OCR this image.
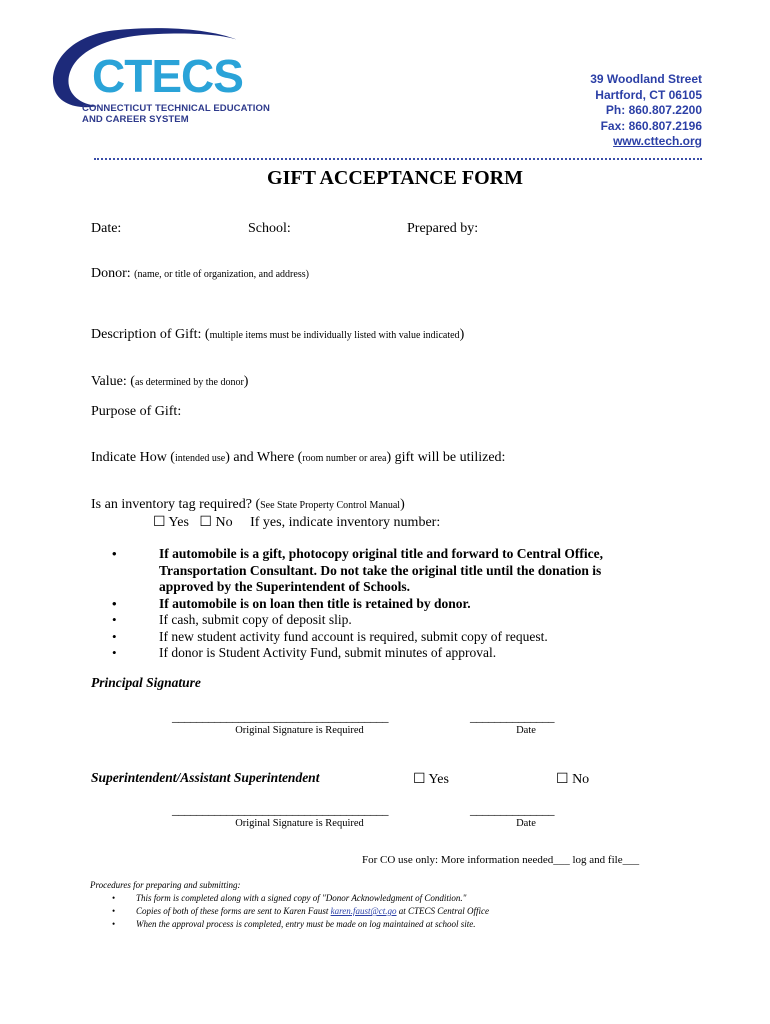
CTECS
CONNECTICUT TECHNICAL EDUCATION
AND CAREER SYSTEM
39 Woodland Street
Hartford, CT 06105
Ph: 860.807.2200
Fax: 860.807.2196
www.cttech.org
GIFT ACCEPTANCE FORM
Date:	School:	Prepared by:
Donor: (name, or title of organization, and address)
Description of Gift: (multiple items must be individually listed with value indicated)
Value: (as determined by the donor)
Purpose of Gift:
Indicate How (intended use) and Where (room number or area) gift will be utilized:
Is an inventory tag required? (See State Property Control Manual)
☐ Yes ☐ No If yes, indicate inventory number:
• If automobile is a gift, photocopy original title and forward to Central Office, Transportation Consultant. Do not take the original title until the donation is approved by the Superintendent of Schools.
• If automobile is on loan then title is retained by donor.
• If cash, submit copy of deposit slip.
• If new student activity fund account is required, submit copy of request.
• If donor is Student Activity Fund, submit minutes of approval.
Principal Signature
____________________________________	______________
Original Signature is Required	Date
Superintendent/Assistant Superintendent	☐ Yes	☐ No
____________________________________	______________
Original Signature is Required	Date
For CO use only: More information needed___ log and file___
Procedures for preparing and submitting:
• This form is completed along with a signed copy of "Donor Acknowledgment of Condition."
• Copies of both of these forms are sent to Karen Faust karen.faust@ct.go at CTECS Central Office
• When the approval process is completed, entry must be made on log maintained at school site.
